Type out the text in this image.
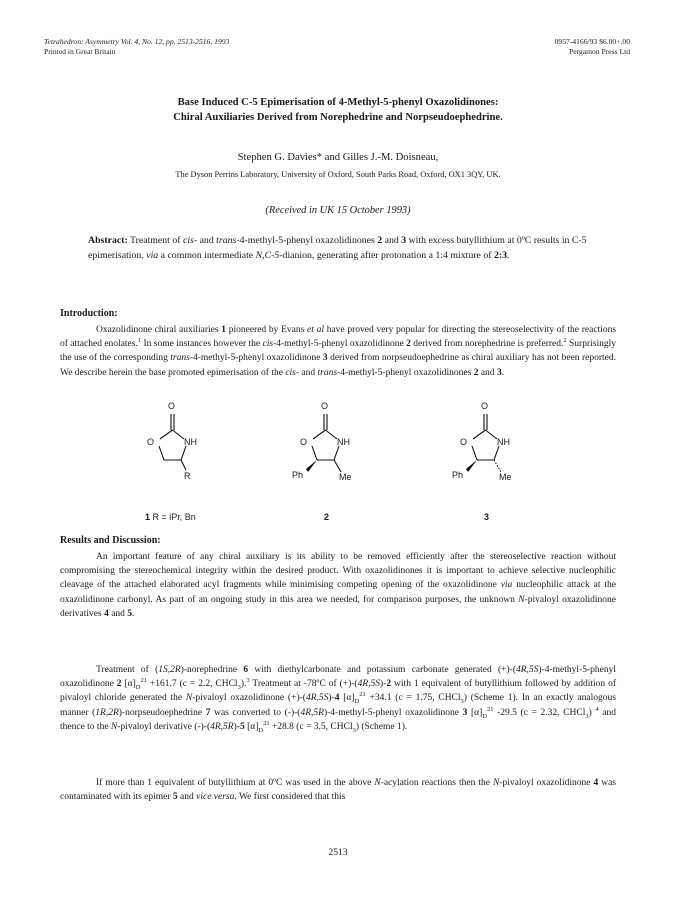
Tetrahedron: Asymmetry Vol. 4, No. 12, pp. 2513-2516, 1993
Printed in Great Britain
0957-4166/93 $6.00+.00
Pergamon Press Ltd
Base Induced C-5 Epimerisation of 4-Methyl-5-phenyl Oxazolidinones:
Chiral Auxiliaries Derived from Norephedrine and Norpseudoephedrine.
Stephen G. Davies* and Gilles J.-M. Doisneau,
The Dyson Perrins Laboratory, University of Oxford, South Parks Road, Oxford, OX1 3QY, UK.
(Received in UK 15 October 1993)
Abstract: Treatment of cis- and trans-4-methyl-5-phenyl oxazolidinones 2 and 3 with excess butyllithium at 0ºC results in C-5 epimerisation, via a common intermediate N,C-5-dianion, generating after protonation a 1:4 mixture of 2:3.
Introduction:
Oxazolidinone chiral auxiliaries 1 pioneered by Evans et al have proved very popular for directing the stereoselectivity of the reactions of attached enolates.$^1$ In some instances however the cis-4-methyl-5-phenyl oxazolidinone 2 derived from norephedrine is preferred.$^2$ Surprisingly the use of the corresponding trans-4-methyl-5-phenyl oxazolidinone 3 derived from norpseudoephedrine as chiral auxiliary has not been reported. We describe herein the base promoted epimerisation of the cis- and trans-4-methyl-5-phenyl oxazolidinones 2 and 3.
O
O	NH
R
O
O	NH
Ph	Me
O
O	NH
Ph	Me
1 R = iPr, Bn	2	3
Results and Discussion:
An important feature of any chiral auxiliary is its ability to be removed efficiently after the stereoselective reaction without compromising the stereochemical integrity within the desired product. With oxazolidinones it is important to achieve selective nucleophilic cleavage of the attached elaborated acyl fragments while minimising competing opening of the oxazolidinone via nucleophilic attack at the oxazolidinone carbonyl. As part of an ongoing study in this area we needed, for comparison purposes, the unknown N-pivaloyl oxazolidinone derivatives 4 and 5.
Treatment of (1S,2R)-norephedrine 6 with diethylcarbonate and potassium carbonate generated (+)-(4R,5S)-4-methyl-5-phenyl oxazolidinone 2 $[\alpha]_D^{21} +161.7$ (c = 2.2, CHCl$_3$).$^3$ Treatment at -78ºC of (+)-(4R,5S)-2 with 1 equivalent of butyllithium followed by addition of pivaloyl chloride generated the N-pivaloyl oxazolidinone (+)-(4R,5S)-4 $[\alpha]_D^{21} +34.1$ (c = 1.75, CHCl$_3$) (Scheme 1). In an exactly analogous manner (1R,2R)-norpseudoephedrine 7 was converted to (-)-(4R,5R)-4-methyl-5-phenyl oxazolidinone 3 $[\alpha]_D^{21}$ -29.5 (c = 2.32, CHCl$_3$) $^4$ and thence to the N-pivaloyl derivative (-)-(4R,5R)-5 $[\alpha]_D^{21} +28.8$ (c = 3.5, CHCl$_3$) (Scheme 1).
If more than 1 equivalent of butyllithium at 0ºC was used in the above N-acylation reactions then the N-pivaloyl oxazolidinone 4 was contaminated with its epimer 5 and vice versa. We first considered that this
2513
